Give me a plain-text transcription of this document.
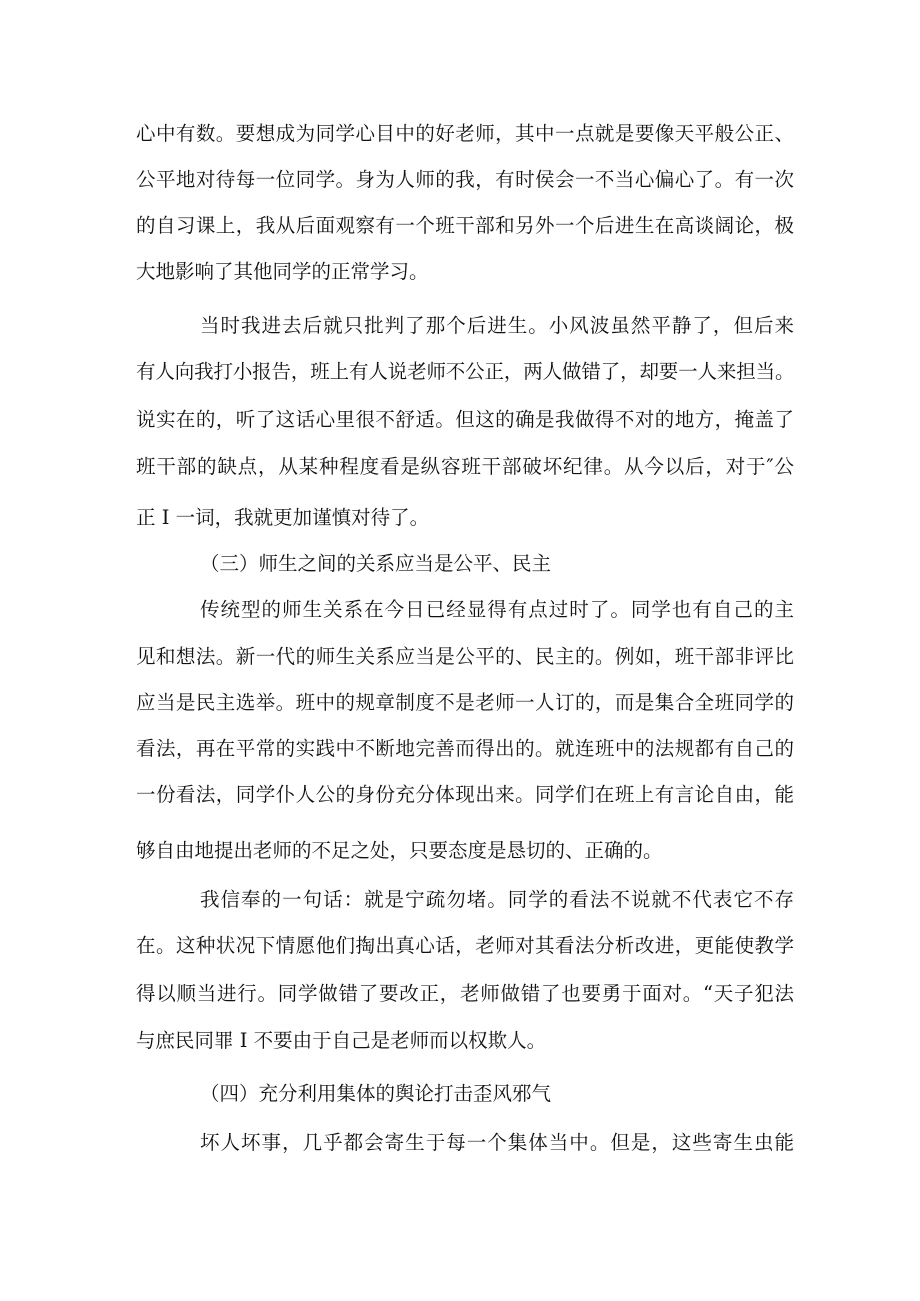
心中有数。要想成为同学心目中的好老师，其中一点就是要像天平般公正、
公平地对待每一位同学。身为人师的我，有时侯会一不当心偏心了。有一次
的自习课上，我从后面观察有一个班干部和另外一个后进生在高谈阔论，极
大地影响了其他同学的正常学习。
当时我进去后就只批判了那个后进生。小风波虽然平静了，但后来
有人向我打小报告，班上有人说老师不公正，两人做错了，却要一人来担当。
说实在的，听了这话心里很不舒适。但这的确是我做得不对的地方，掩盖了
班干部的缺点，从某种程度看是纵容班干部破坏纪律。从今以后，对于″公
正 I 一词，我就更加谨慎对待了。
（三）师生之间的关系应当是公平、民主
传统型的师生关系在今日已经显得有点过时了。同学也有自己的主
见和想法。新一代的师生关系应当是公平的、民主的。例如，班干部非评比
应当是民主选举。班中的规章制度不是老师一人订的，而是集合全班同学的
看法，再在平常的实践中不断地完善而得出的。就连班中的法规都有自己的
一份看法，同学仆人公的身份充分体现出来。同学们在班上有言论自由，能
够自由地提出老师的不足之处，只要态度是恳切的、正确的。
我信奉的一句话：就是宁疏勿堵。同学的看法不说就不代表它不存
在。这种状况下情愿他们掏出真心话，老师对其看法分析改进，更能使教学
得以顺当进行。同学做错了要改正，老师做错了也要勇于面对。“天子犯法
与庶民同罪 I 不要由于自己是老师而以权欺人。
（四）充分利用集体的舆论打击歪风邪气
坏人坏事，几乎都会寄生于每一个集体当中。但是，这些寄生虫能
